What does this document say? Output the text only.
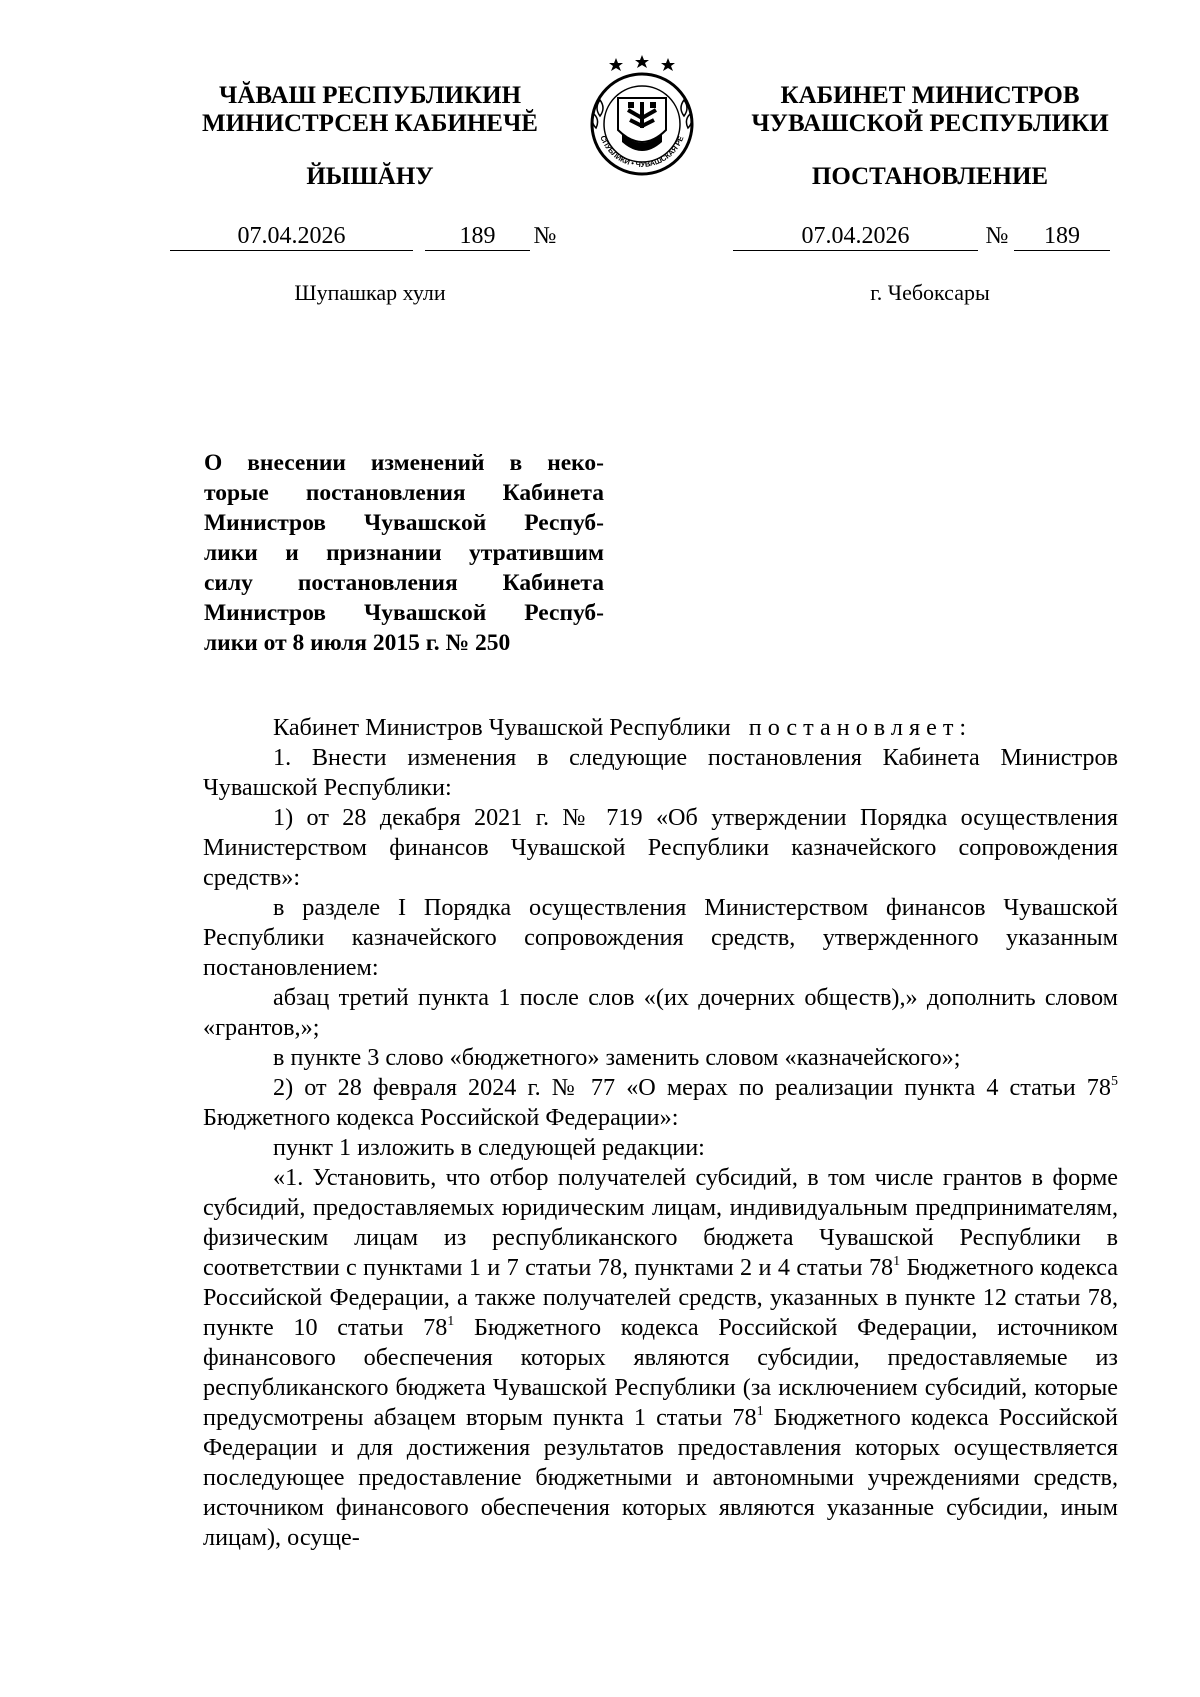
ЧĂВАШ РЕСПУБЛИКИН
МИНИСТРСЕН КАБИНЕЧĔ
ЙЫШĂНУ
КАБИНЕТ МИНИСТРОВ
ЧУВАШСКОЙ РЕСПУБЛИКИ
ПОСТАНОВЛЕНИЕ
СПУБЛИКИ • ЧУВАШСКАЯ РЕ
07.04.2026	189	№	07.04.2026	№	189
Шупашкар хули	г. Чебоксары
О внесении изменений в неко-
торые постановления Кабинета
Министров Чувашской Респуб-
лики и признании утратившим
силу постановления Кабинета
Министров Чувашской Респуб-
лики от 8 июля 2015 г. № 250

Кабинет Министров Чувашской Республики постановляет:

1. Внести изменения в следующие постановления Кабинета Министров Чувашской Республики:

1) от 28 декабря 2021 г. № 719 «Об утверждении Порядка осуществления Министерством финансов Чувашской Республики казначейского сопровождения средств»:

в разделе I Порядка осуществления Министерством финансов Чувашской Республики казначейского сопровождения средств, утвержденного указанным постановлением:

абзац третий пункта 1 после слов «(их дочерних обществ),» дополнить словом «грантов,»;

в пункте 3 слово «бюджетного» заменить словом «казначейского»;

2) от 28 февраля 2024 г. № 77 «О мерах по реализации пункта 4 статьи $78^5$ Бюджетного кодекса Российской Федерации»:

пункт 1 изложить в следующей редакции:

«1. Установить, что отбор получателей субсидий, в том числе грантов в форме субсидий, предоставляемых юридическим лицам, индивидуальным предпринимателям, физическим лицам из республиканского бюджета Чувашской Республики в соответствии с пунктами 1 и 7 статьи 78, пунктами 2 и 4 статьи $78^1$ Бюджетного кодекса Российской Федерации, а также получателей средств, указанных в пункте 12 статьи 78, пункте 10 статьи $78^1$ Бюджетного кодекса Российской Федерации, источником финансового обеспечения которых являются субсидии, предоставляемые из республиканского бюджета Чувашской Республики (за исключением субсидий, которые предусмотрены абзацем вторым пункта 1 статьи $78^1$ Бюджетного кодекса Российской Федерации и для достижения результатов предоставления которых осуществляется последующее предоставление бюджетными и автономными учреждениями средств, источником финансового обеспечения которых являются указанные субсидии, иным лицам), осуще-
